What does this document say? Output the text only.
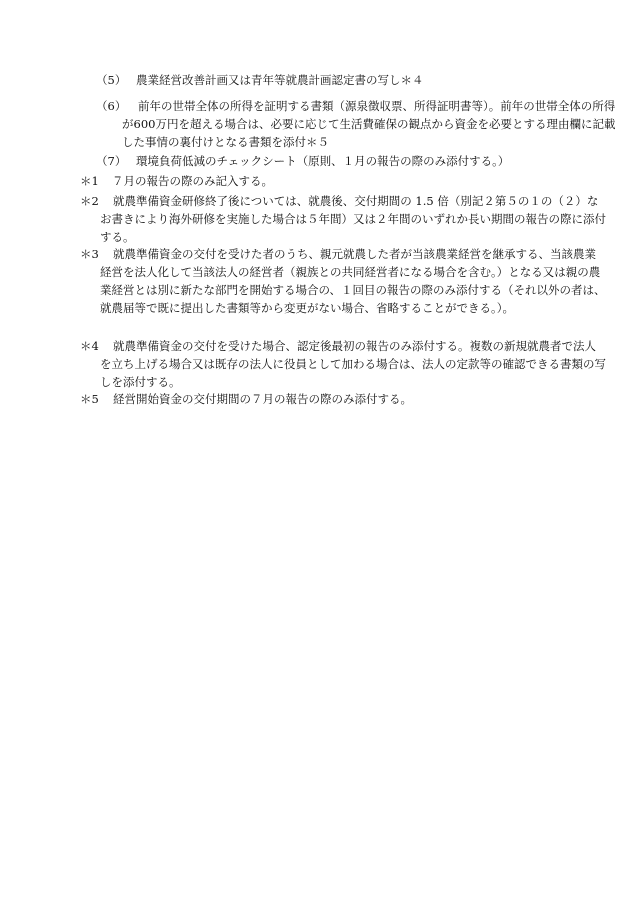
（5） 農業経営改善計画又は青年等就農計画認定書の写し＊４
（6）	前年の世帯全体の所得を証明する書類（源泉徴収票、所得証明書等）。前年の世帯全体の所得が600万円を超える場合は、必要に応じて生活費確保の観点から資金を必要とする理由欄に記載した事情の裏付けとなる書類を添付＊５
（7） 環境負荷低減のチェックシート（原則、１月の報告の際のみ添付する。）
＊1 ７月の報告の際のみ記入する。
＊2	就農準備資金研修終了後については、就農後、交付期間の 1.5 倍（別記２第５の１の（２）なお書きにより海外研修を実施した場合は５年間）又は２年間のいずれか長い期間の報告の際に添付する。
＊3	就農準備資金の交付を受けた者のうち、親元就農した者が当該農業経営を継承する、当該農業経営を法人化して当該法人の経営者（親族との共同経営者になる場合を含む。）となる又は親の農業経営とは別に新たな部門を開始する場合の、１回目の報告の際のみ添付する（それ以外の者は、就農届等で既に提出した書類等から変更がない場合、省略することができる。）。
＊4	就農準備資金の交付を受けた場合、認定後最初の報告のみ添付する。複数の新規就農者で法人を立ち上げる場合又は既存の法人に役員として加わる場合は、法人の定款等の確認できる書類の写しを添付する。
＊5 経営開始資金の交付期間の７月の報告の際のみ添付する。
